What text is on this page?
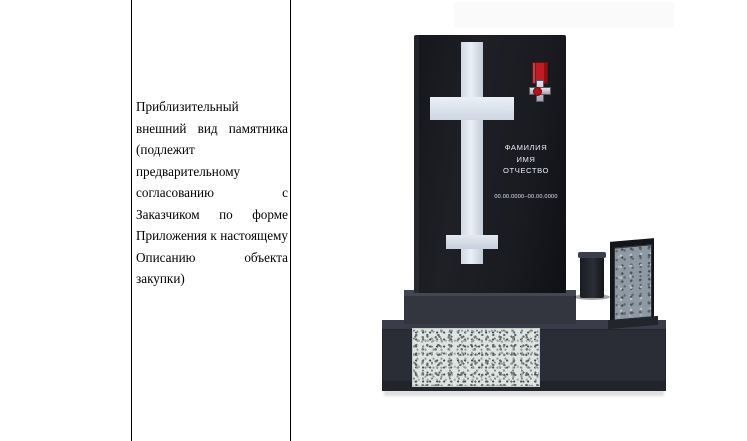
Приблизительный внешний вид памятника (подлежит предварительному согласованию с Заказчиком по форме Приложения к настоящему Описанию объекта закупки)
ФАМИЛИЯ
ИМЯ
ОТЧЕСТВО
00.00.0000–00.00.0000
